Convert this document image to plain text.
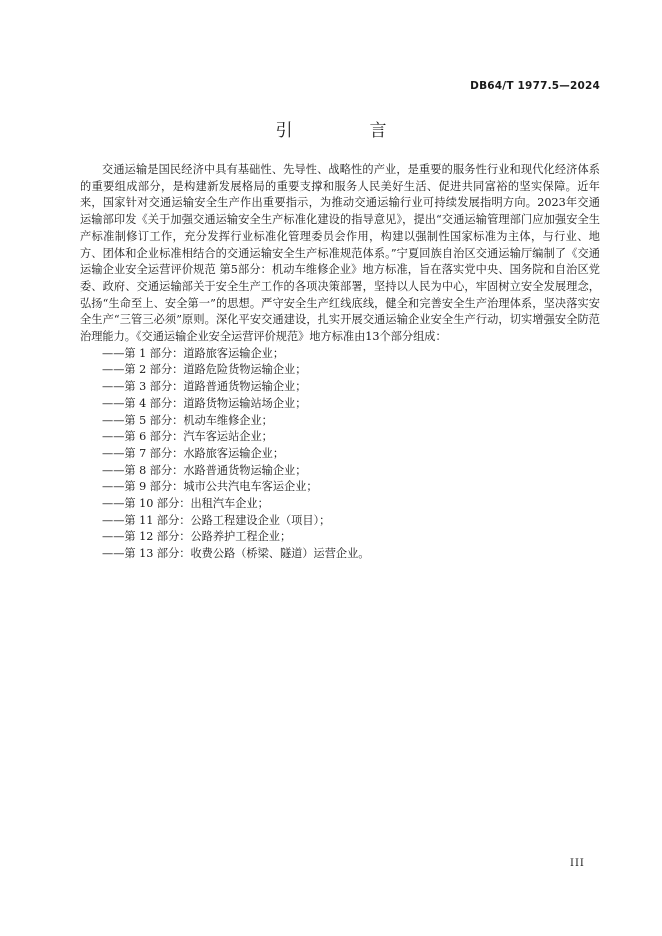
DB64/T 1977.5—2024
引　言

交通运输是国民经济中具有基础性、先导性、战略性的产业，是重要的服务性行业和现代化经济体系的重要组成部分，是构建新发展格局的重要支撑和服务人民美好生活、促进共同富裕的坚实保障。近年来，国家针对交通运输安全生产作出重要指示，为推动交通运输行业可持续发展指明方向。2023年交通运输部印发《关于加强交通运输安全生产标准化建设的指导意见》，提出“交通运输管理部门应加强安全生产标准制修订工作，充分发挥行业标准化管理委员会作用，构建以强制性国家标准为主体，与行业、地方、团体和企业标准相结合的交通运输安全生产标准规范体系。”宁夏回族自治区交通运输厅编制了《交通运输企业安全运营评价规范 第5部分：机动车维修企业》地方标准，旨在落实党中央、国务院和自治区党委、政府、交通运输部关于安全生产工作的各项决策部署，坚持以人民为中心，牢固树立安全发展理念，弘扬“生命至上、安全第一”的思想。严守安全生产红线底线，健全和完善安全生产治理体系，坚决落实安全生产“三管三必须”原则。深化平安交通建设，扎实开展交通运输企业安全生产行动，切实增强安全防范治理能力。《交通运输企业安全运营评价规范》地方标准由13个部分组成：

——第 1 部分：道路旅客运输企业；
——第 2 部分：道路危险货物运输企业；
——第 3 部分：道路普通货物运输企业；
——第 4 部分：道路货物运输站场企业；
——第 5 部分：机动车维修企业；
——第 6 部分：汽车客运站企业；
——第 7 部分：水路旅客运输企业；
——第 8 部分：水路普通货物运输企业；
——第 9 部分：城市公共汽电车客运企业；
——第 10 部分：出租汽车企业；
——第 11 部分：公路工程建设企业（项目）；
——第 12 部分：公路养护工程企业；
——第 13 部分：收费公路（桥梁、隧道）运营企业。
III
